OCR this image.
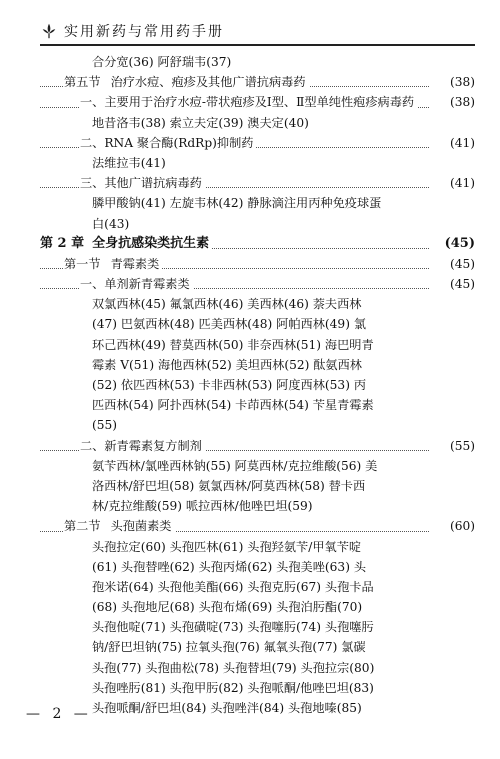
实用新药与常用药手册
合分宽(36) 阿舒瑞韦(37)
第五节 治疗水痘、疱疹及其他广谱抗病毒药	(38)
一、主要用于治疗水痘-带状疱疹及Ⅰ型、Ⅱ型单纯性疱疹病毒药	(38)
地昔洛韦(38) 索立夫定(39) 澳夫定(40)
二、RNA 聚合酶(RdRp)抑制药	(41)
法维拉韦(41)
三、其他广谱抗病毒药	(41)
膦甲酸钠(41) 左旋韦林(42) 静脉滴注用丙种免疫球蛋
白(43)
第 2 章 全身抗感染类抗生素	(45)
第一节 青霉素类	(45)
一、单剂新青霉素类	(45)
双氯西林(45) 氟氯西林(46) 美西林(46) 萘夫西林
(47) 巴氨西林(48) 匹美西林(48) 阿帕西林(49) 氯
环己西林(49) 替莫西林(50) 非奈西林(51) 海巴明青
霉素 V(51) 海他西林(52) 美坦西林(52) 酞氨西林
(52) 依匹西林(53) 卡非西林(53) 阿度西林(53) 丙
匹西林(54) 阿扑西林(54) 卡茚西林(54) 苄星青霉素
(55)
二、新青霉素复方制剂	(55)
氨苄西林/氯唑西林钠(55) 阿莫西林/克拉维酸(56) 美
洛西林/舒巴坦(58) 氨氯西林/阿莫西林(58) 替卡西
林/克拉维酸(59) 哌拉西林/他唑巴坦(59)
第二节 头孢菌素类	(60)
头孢拉定(60) 头孢匹林(61) 头孢羟氨苄/甲氧苄啶
(61) 头孢替唑(62) 头孢丙烯(62) 头孢美唑(63) 头
孢米诺(64) 头孢他美酯(66) 头孢克肟(67) 头孢卡品
(68) 头孢地尼(68) 头孢布烯(69) 头孢泊肟酯(70)
头孢他啶(71) 头孢磺啶(73) 头孢噻肟(74) 头孢噻肟
钠/舒巴坦钠(75) 拉氧头孢(76) 氟氧头孢(77) 氯碳
头孢(77) 头孢曲松(78) 头孢替坦(79) 头孢拉宗(80)
头孢唑肟(81) 头孢甲肟(82) 头孢哌酮/他唑巴坦(83)
头孢哌酮/舒巴坦(84) 头孢唑泮(84) 头孢地嗪(85)
— 2 —
